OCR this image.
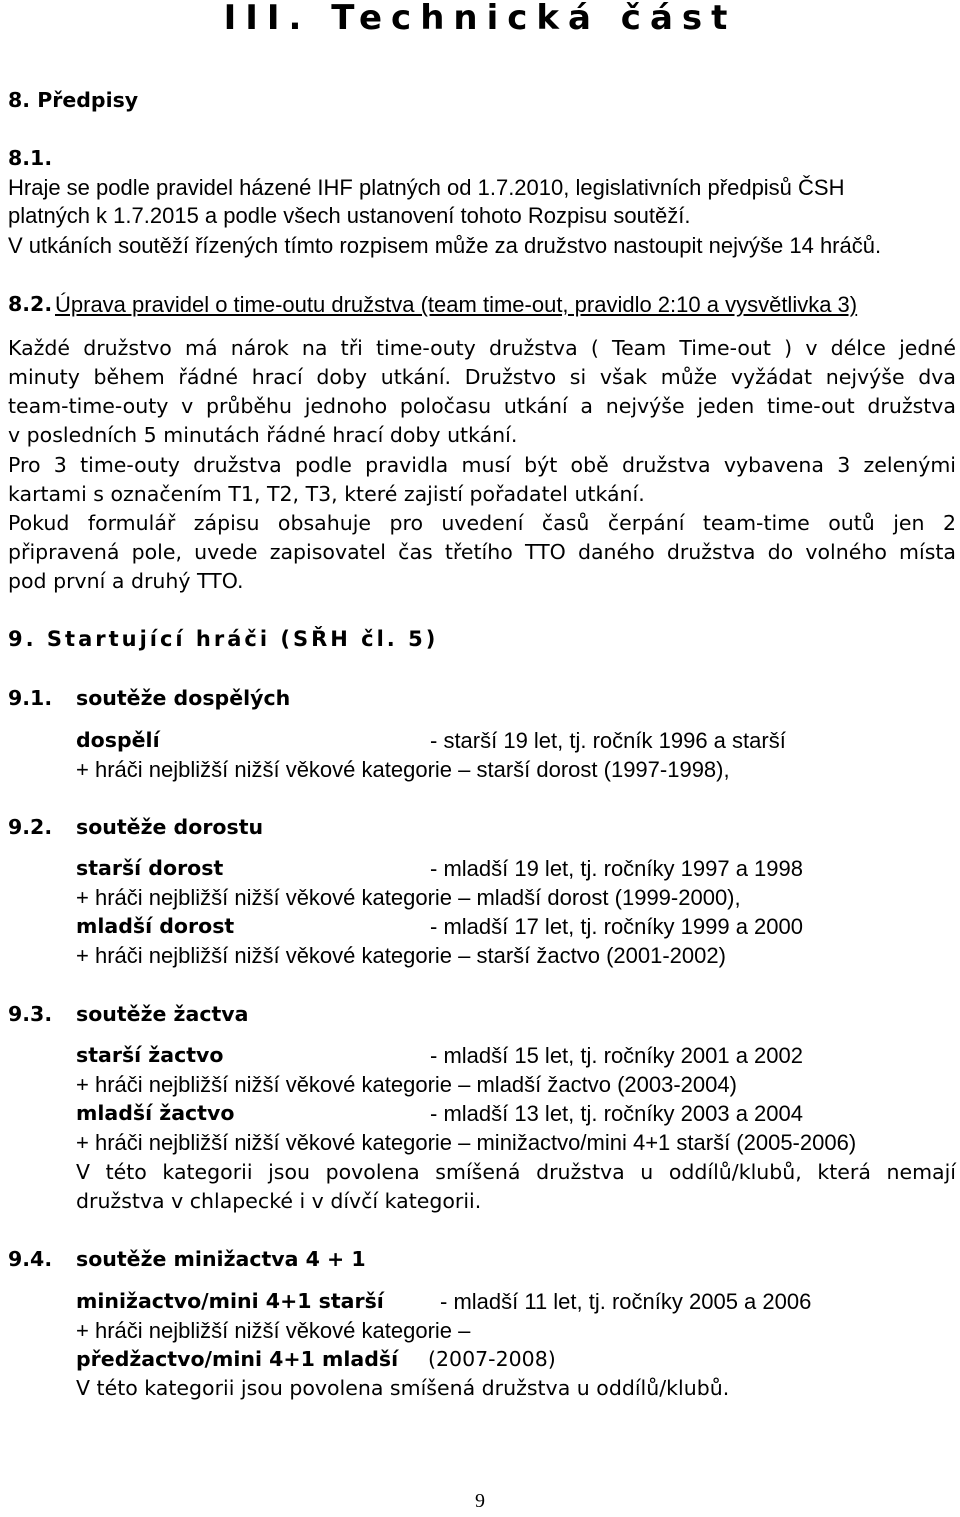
III. Technická část
8. Předpisy
8.1.
Hraje se podle pravidel házené IHF platných od 1.7.2010, legislativních předpisů ČSH
platných k 1.7.2015 a podle všech ustanovení tohoto Rozpisu soutěží.
V utkáních soutěží řízených tímto rozpisem může za družstvo nastoupit nejvýše 14 hráčů.
8.2. Úprava pravidel o time-outu družstva (team time-out, pravidlo 2:10 a vysvětlivka 3)
Každé družstvo má nárok na tři time-outy družstva ( Team Time-out ) v délce jedné
minuty během řádné hrací doby utkání. Družstvo si však může vyžádat nejvýše dva
team-time-outy v průběhu jednoho poločasu utkání a nejvýše jeden time-out družstva
v posledních 5 minutách řádné hrací doby utkání.
Pro 3 time-outy družstva podle pravidla musí být obě družstva vybavena 3 zelenými
kartami s označením T1, T2, T3, které zajistí pořadatel utkání.
Pokud formulář zápisu obsahuje pro uvedení časů čerpání team-time outů jen 2
připravená pole, uvede zapisovatel čas třetího TTO daného družstva do volného místa
pod první a druhý TTO.
9. Startující hráči (SŘH čl. 5)
9.1. soutěže dospělých
dospělí	- starší 19 let, tj. ročník 1996 a starší
+ hráči nejbližší nižší věkové kategorie – starší dorost (1997-1998),
9.2. soutěže dorostu
starší dorost	- mladší 19 let, tj. ročníky 1997 a 1998
+ hráči nejbližší nižší věkové kategorie – mladší dorost (1999-2000),
mladší dorost	- mladší 17 let, tj. ročníky 1999 a 2000
+ hráči nejbližší nižší věkové kategorie – starší žactvo (2001-2002)
9.3. soutěže žactva
starší žactvo	- mladší 15 let, tj. ročníky 2001 a 2002
+ hráči nejbližší nižší věkové kategorie – mladší žactvo (2003-2004)
mladší žactvo	- mladší 13 let, tj. ročníky 2003 a 2004
+ hráči nejbližší nižší věkové kategorie – minižactvo/mini 4+1 starší (2005-2006)
V této kategorii jsou povolena smíšená družstva u oddílů/klubů, která nemají
družstva v chlapecké i v dívčí kategorii.
9.4. soutěže minižactva 4 + 1
minižactvo/mini 4+1 starší	- mladší 11 let, tj. ročníky 2005 a 2006
+ hráči nejbližší nižší věkové kategorie –
předžactvo/mini 4+1 mladší (2007-2008)
V této kategorii jsou povolena smíšená družstva u oddílů/klubů.
9
